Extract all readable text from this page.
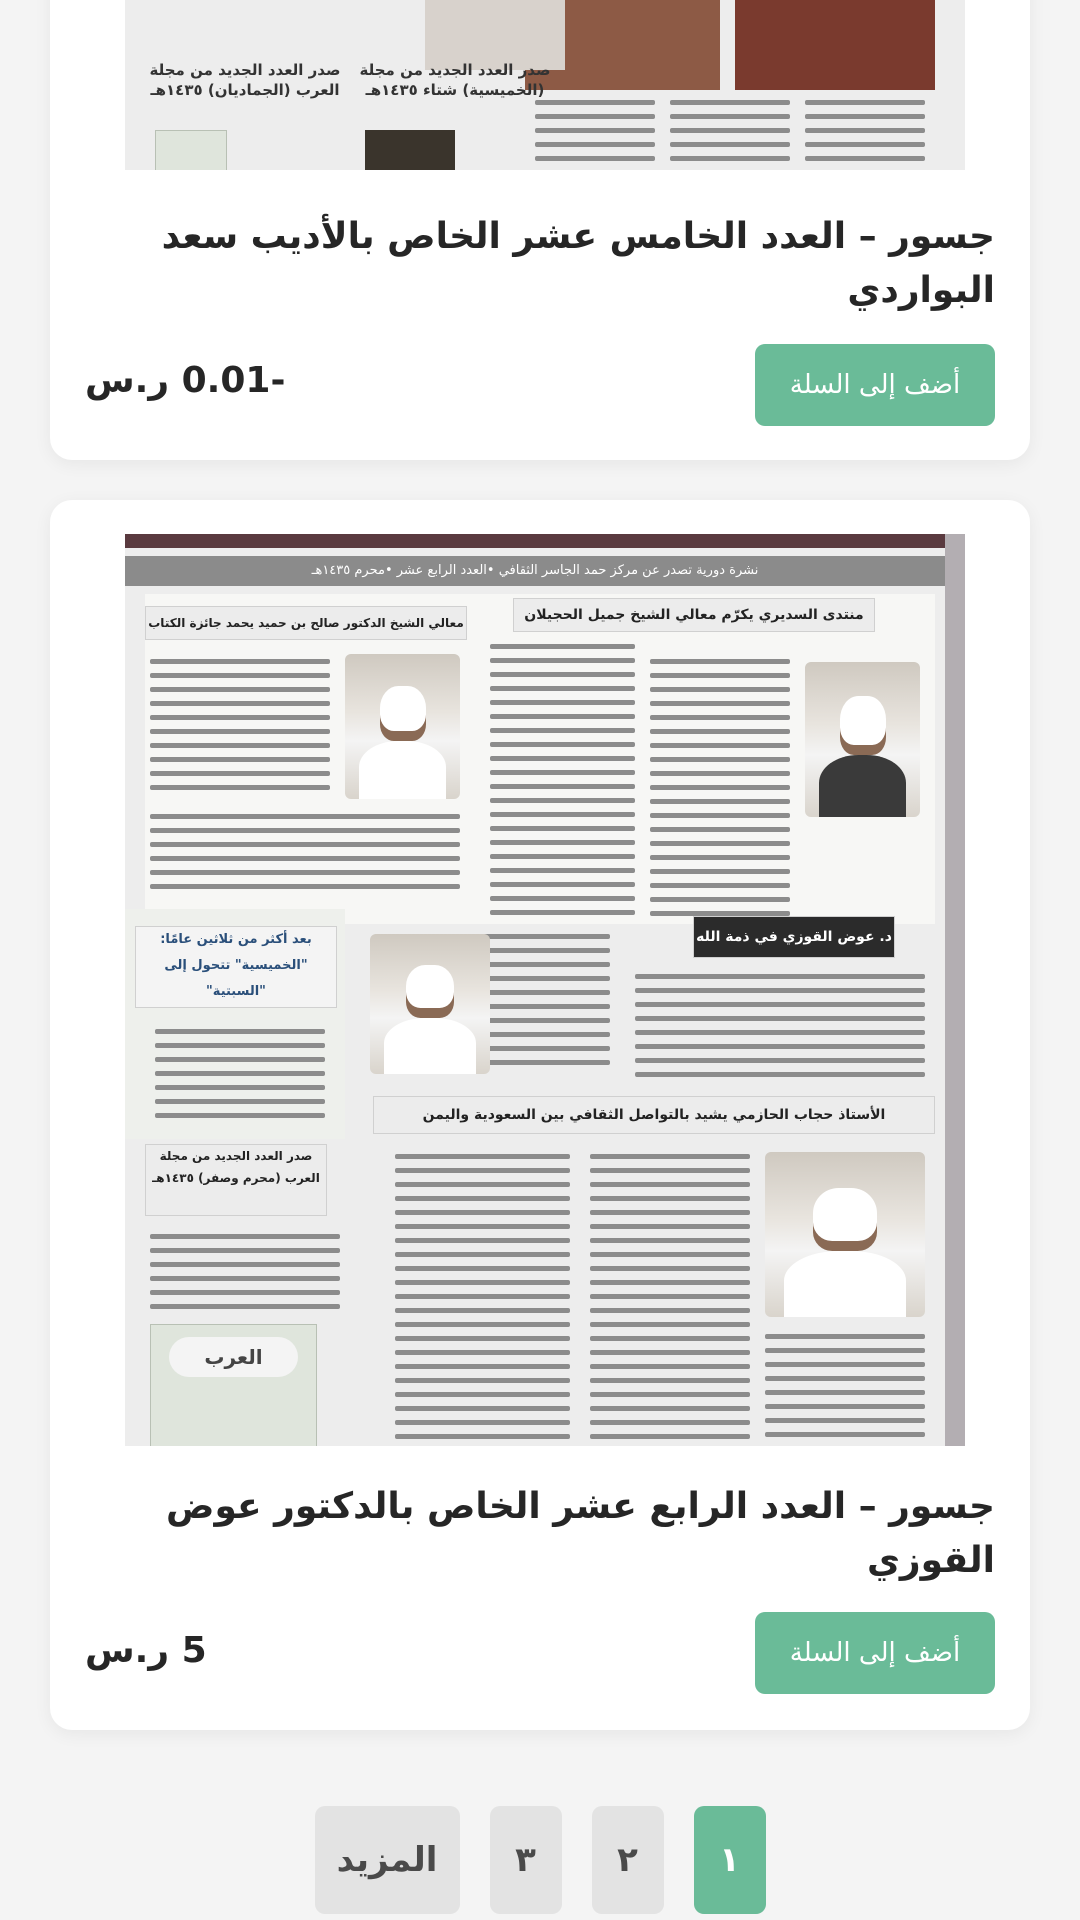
صدر العدد الجديد من مجلة العرب (الجماديان) ١٤٣٥هـ
صدر العدد الجديد من مجلة (الخميسية) شتاء ١٤٣٥هـ
جسور – العدد الخامس عشر الخاص بالأديب سعد البواردي
أضف إلى السلة
-0.01 ر.س
نشرة دورية تصدر عن مركز حمد الجاسر الثقافي •العدد الرابع عشر •محرم ١٤٣٥هـ
منتدى السديري يكرّم معالي الشيخ جميل الحجيلان
معالي الشيخ الدكتور صالح بن حميد يحمد جائزة الكتاب
د. عوض القوزي في ذمة الله
بعد أكثر من ثلاثين عامًا: "الخميسية" تتحول إلى "السبتية"
الأستاذ حجاب الحازمي يشيد بالتواصل الثقافي بين السعودية واليمن
صدر العدد الجديد من مجلة العرب (محرم وصفر) ١٤٣٥هـ
العرب
جسور – العدد الرابع عشر الخاص بالدكتور عوض القوزي
أضف إلى السلة
5 ر.س
١
٢
٣
المزيد
